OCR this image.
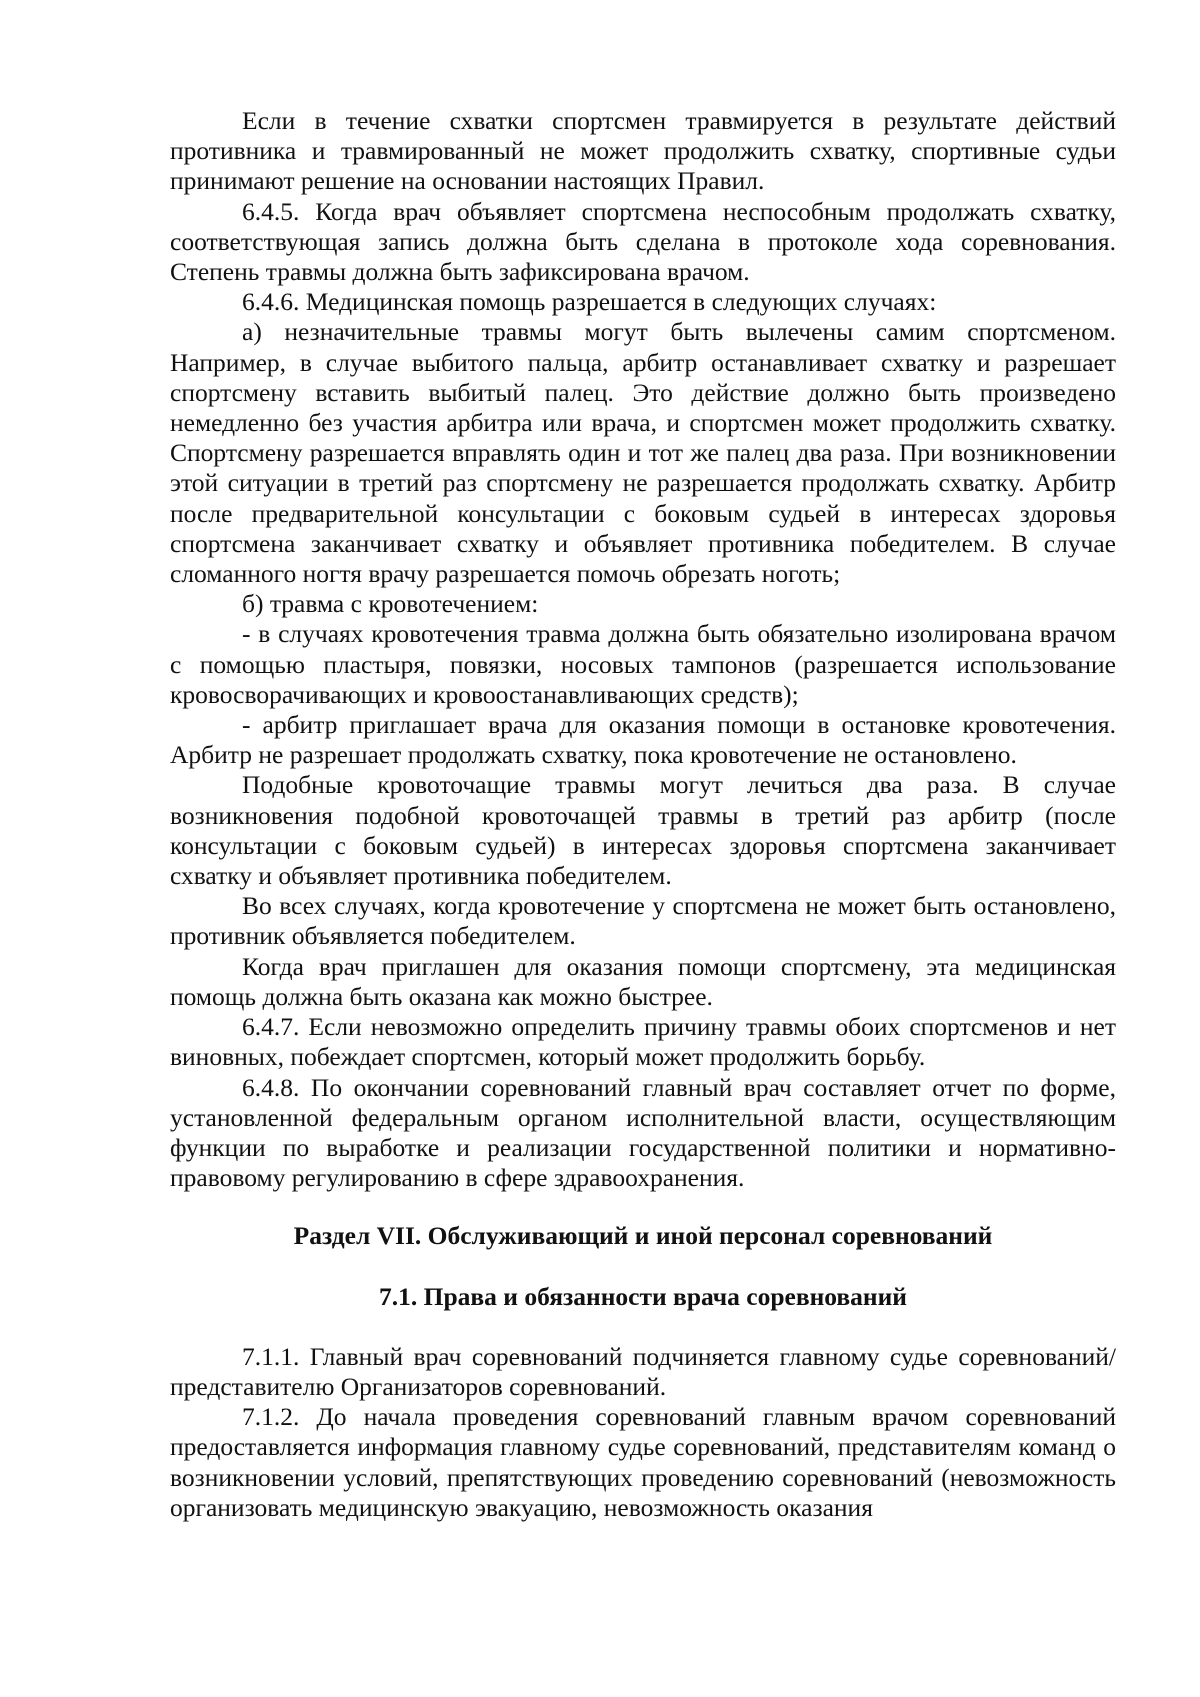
Если в течение схватки спортсмен травмируется в результате действий противника и травмированный не может продолжить схватку, спортивные судьи принимают решение на основании настоящих Правил.

6.4.5. Когда врач объявляет спортсмена неспособным продолжать схватку, соответствующая запись должна быть сделана в протоколе хода соревнования. Степень травмы должна быть зафиксирована врачом.

6.4.6. Медицинская помощь разрешается в следующих случаях:

а) незначительные травмы могут быть вылечены самим спортсменом. Например, в случае выбитого пальца, арбитр останавливает схватку и разрешает спортсмену вставить выбитый палец. Это действие должно быть произведено немедленно без участия арбитра или врача, и спортсмен может продолжить схватку. Спортсмену разрешается вправлять один и тот же палец два раза. При возникновении этой ситуации в третий раз спортсмену не разрешается продолжать схватку. Арбитр после предварительной консультации с боковым судьей в интересах здоровья спортсмена заканчивает схватку и объявляет противника победителем. В случае сломанного ногтя врачу разрешается помочь обрезать ноготь;

б) травма с кровотечением:

- в случаях кровотечения травма должна быть обязательно изолирована врачом с помощью пластыря, повязки, носовых тампонов (разрешается использование кровосворачивающих и кровоостанавливающих средств);

- арбитр приглашает врача для оказания помощи в остановке кровотечения. Арбитр не разрешает продолжать схватку, пока кровотечение не остановлено.

Подобные кровоточащие травмы могут лечиться два раза. В случае возникновения подобной кровоточащей травмы в третий раз арбитр (после консультации с боковым судьей) в интересах здоровья спортсмена заканчивает схватку и объявляет противника победителем.

Во всех случаях, когда кровотечение у спортсмена не может быть остановлено, противник объявляется победителем.

Когда врач приглашен для оказания помощи спортсмену, эта медицинская помощь должна быть оказана как можно быстрее.

6.4.7. Если невозможно определить причину травмы обоих спортсменов и нет виновных, побеждает спортсмен, который может продолжить борьбу.

6.4.8. По окончании соревнований главный врач составляет отчет по форме, установленной федеральным органом исполнительной власти, осуществляющим функции по выработке и реализации государственной политики и нормативно-правовому регулированию в сфере здравоохранения.

Раздел VII. Обслуживающий и иной персонал соревнований

7.1. Права и обязанности врача соревнований

7.1.1. Главный врач соревнований подчиняется главному судье соревнований/представителю Организаторов соревнований.

7.1.2. До начала проведения соревнований главным врачом соревнований предоставляется информация главному судье соревнований, представителям команд о возникновении условий, препятствующих проведению соревнований (невозможность организовать медицинскую эвакуацию, невозможность оказания
